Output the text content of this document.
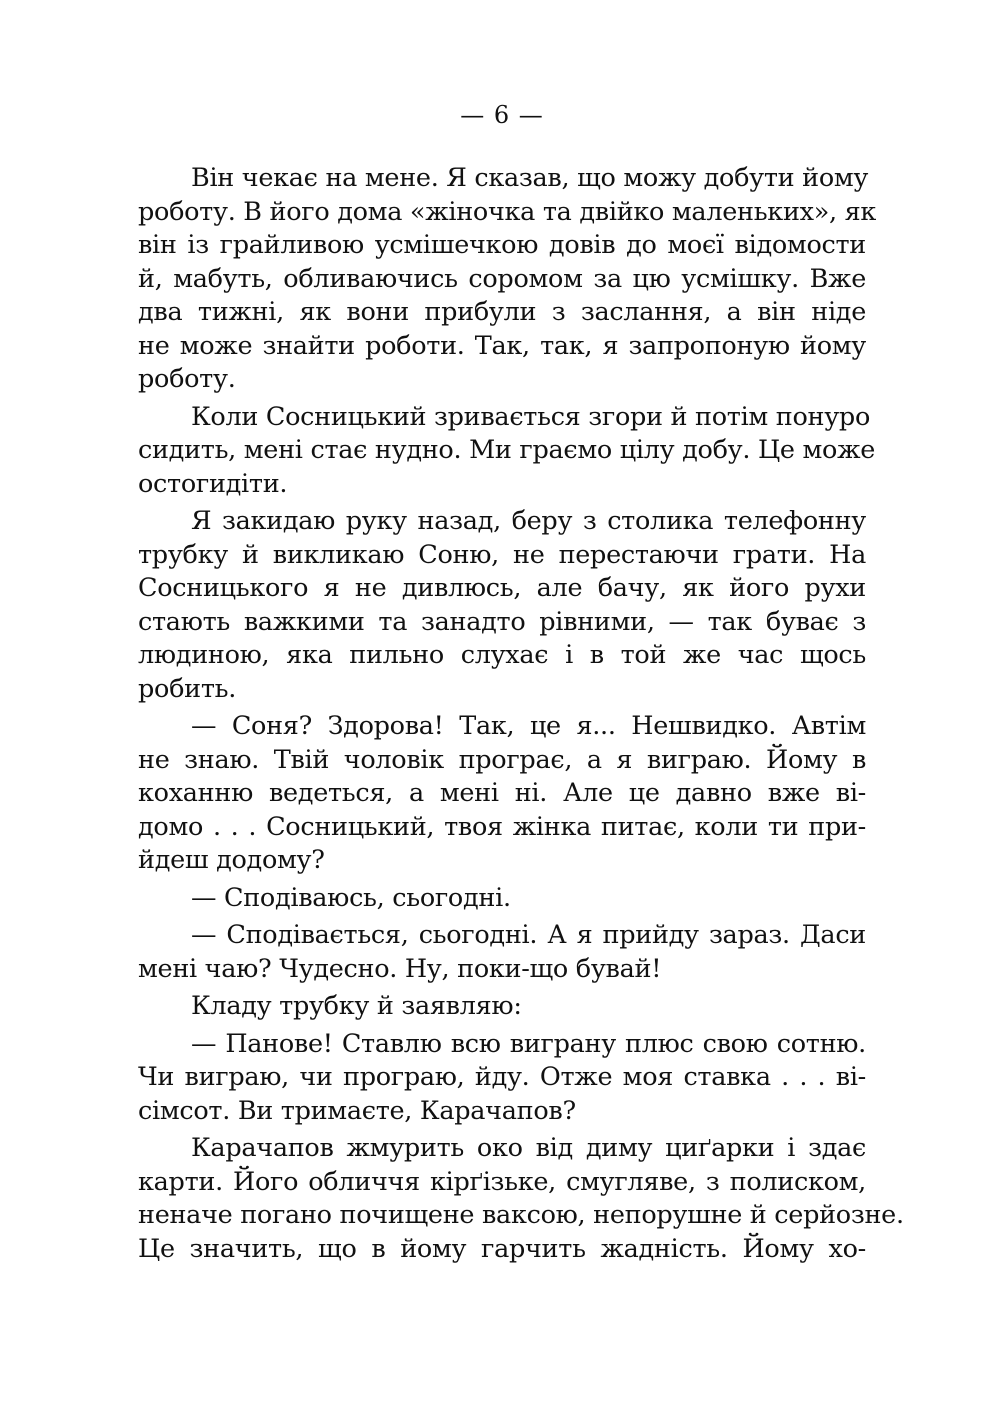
— 6 —

Він чекає на мене. Я сказав, що можу добути йому
роботу. В його дома «жіночка та двійко маленьких», як
він із грайливою усмішечкою довів до моєї відомости
й, мабуть, обливаючись соромом за цю усмішку. Вже
два тижні, як вони прибули з заслання, а він ніде
не може знайти роботи. Так, так, я запропоную йому
роботу.

Коли Сосницький зривається згори й потім понуро
сидить, мені стає нудно. Ми граємо цілу добу. Це може
остогидіти.

Я закидаю руку назад, беру з столика телефонну
трубку й викликаю Соню, не перестаючи грати. На
Сосницького я не дивлюсь, але бачу, як його рухи
стають важкими та занадто рівними, — так буває з
людиною, яка пильно слухає і в той же час щось
робить.

— Соня? Здорова! Так, це я... Нешвидко. Автім
не знаю. Твій чоловік програє, а я виграю. Йому в
коханню ведеться, а мені ні. Але це давно вже ві-
домо . . . Сосницький, твоя жінка питає, коли ти при-
йдеш додому?

— Сподіваюсь, сьогодні.

— Сподівається, сьогодні. А я прийду зараз. Даси
мені чаю? Чудесно. Ну, поки-що бувай!

Кладу трубку й заявляю:

— Панове! Ставлю всю виграну плюс свою сотню.
Чи виграю, чи програю, йду. Отже моя ставка . . . ві-
сімсот. Ви тримаєте, Карачапов?

Карачапов жмурить око від диму циґарки і здає
карти. Його обличчя кірґізьке, смугляве, з полиском,
неначе погано почищене ваксою, непорушне й серйозне.
Це значить, що в йому гарчить жадність. Йому хо-
